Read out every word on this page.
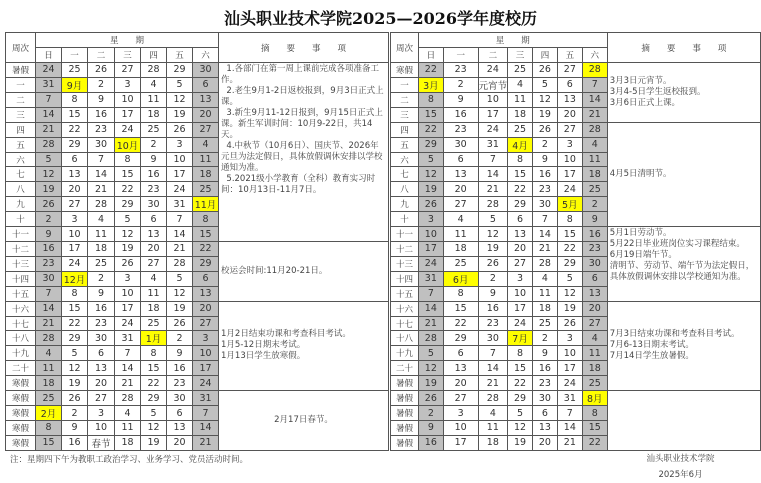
汕头职业技术学院2025—2026学年度校历
周次	星　　期							摘　　要　　事　　项
	日	一	二	三	四	五	六	
暑假	24	25	26	27	28	29	30	1.各部门在第一周上课前完成各项准备工作。
2.老生9月1-2日返校报到，9月3日正式上课。
3.新生9月11-12日报到，9月15日正式上课。新生军训时间：10月9-22日，共14天。
4.中秋节（10月6日）、国庆节、2026年元旦为法定假日，具体放假调休安排以学校通知为准。
5.2021级小学教育（全科）教育实习时间：10月13日-11月7日。

一	31	9月	2	3	4	5	6	
二	7	8	9	10	11	12	13	
三	14	15	16	17	18	19	20	
四	21	22	23	24	25	26	27	
五	28	29	30	10月	2	3	4	
六	5	6	7	8	9	10	11	
七	12	13	14	15	16	17	18	
八	19	20	21	22	23	24	25	
九	26	27	28	29	30	31	11月	
十	2	3	4	5	6	7	8	
十一	9	10	11	12	13	14	15	
十二	16	17	18	19	20	21	22	校运会时间:11月20-21日。

十三	23	24	25	26	27	28	29	
十四	30	12月	2	3	4	5	6	
十五	7	8	9	10	11	12	13	
十六	14	15	16	17	18	19	20	1月2日结束功课和考查科目考试。
1月5-12日期末考试。
1月13日学生放寒假。

十七	21	22	23	24	25	26	27	
十八	28	29	30	31	1月	2	3	
十九	4	5	6	7	8	9	10	
二十	11	12	13	14	15	16	17	
寒假	18	19	20	21	22	23	24	
寒假	25	26	27	28	29	30	31	2月17日春节。

寒假	2月	2	3	4	5	6	7	
寒假	8	9	10	11	12	13	14	
寒假	15	16	春节	18	19	20	21	
周次	星　　期							摘　　要　　事　　项
	日	一	二	三	四	五	六	
寒假	22	23	24	25	26	27	28	3月3日元宵节。
3月4-5日学生返校报到。
3月6日正式上课。

一	3月	2	元宵节	4	5	6	7	
二	8	9	10	11	12	13	14	
三	15	16	17	18	19	20	21	
四	22	23	24	25	26	27	28	4月5日清明节。

五	29	30	31	4月	2	3	4	
六	5	6	7	8	9	10	11	
七	12	13	14	15	16	17	18	
八	19	20	21	22	23	24	25	
九	26	27	28	29	30	5月	2	
十	3	4	5	6	7	8	9	
十一	10	11	12	13	14	15	16	5月1日劳动节。
5月22日毕业班岗位实习课程结束。
6月19日端午节。
清明节、劳动节、端午节为法定假日，具体放假调休安排以学校通知为准。

十二	17	18	19	20	21	22	23	
十三	24	25	26	27	28	29	30	
十四	31	6月	2	3	4	5	6	
十五	7	8	9	10	11	12	13	
十六	14	15	16	17	18	19	20	7月3日结束功课和考查科目考试。
7月6-13日期末考试。
7月14日学生放暑假。

十七	21	22	23	24	25	26	27	
十八	28	29	30	7月	2	3	4	
十九	5	6	7	8	9	10	11	
二十	12	13	14	15	16	17	18	
暑假	19	20	21	22	23	24	25	
暑假	26	27	28	29	30	31	8月	
暑假	2	3	4	5	6	7	8	
暑假	9	10	11	12	13	14	15	
暑假	16	17	18	19	20	21	22	
注：星期四下午为教职工政治学习、业务学习、党员活动时间。	汕头职业技术学院
2025年6月
